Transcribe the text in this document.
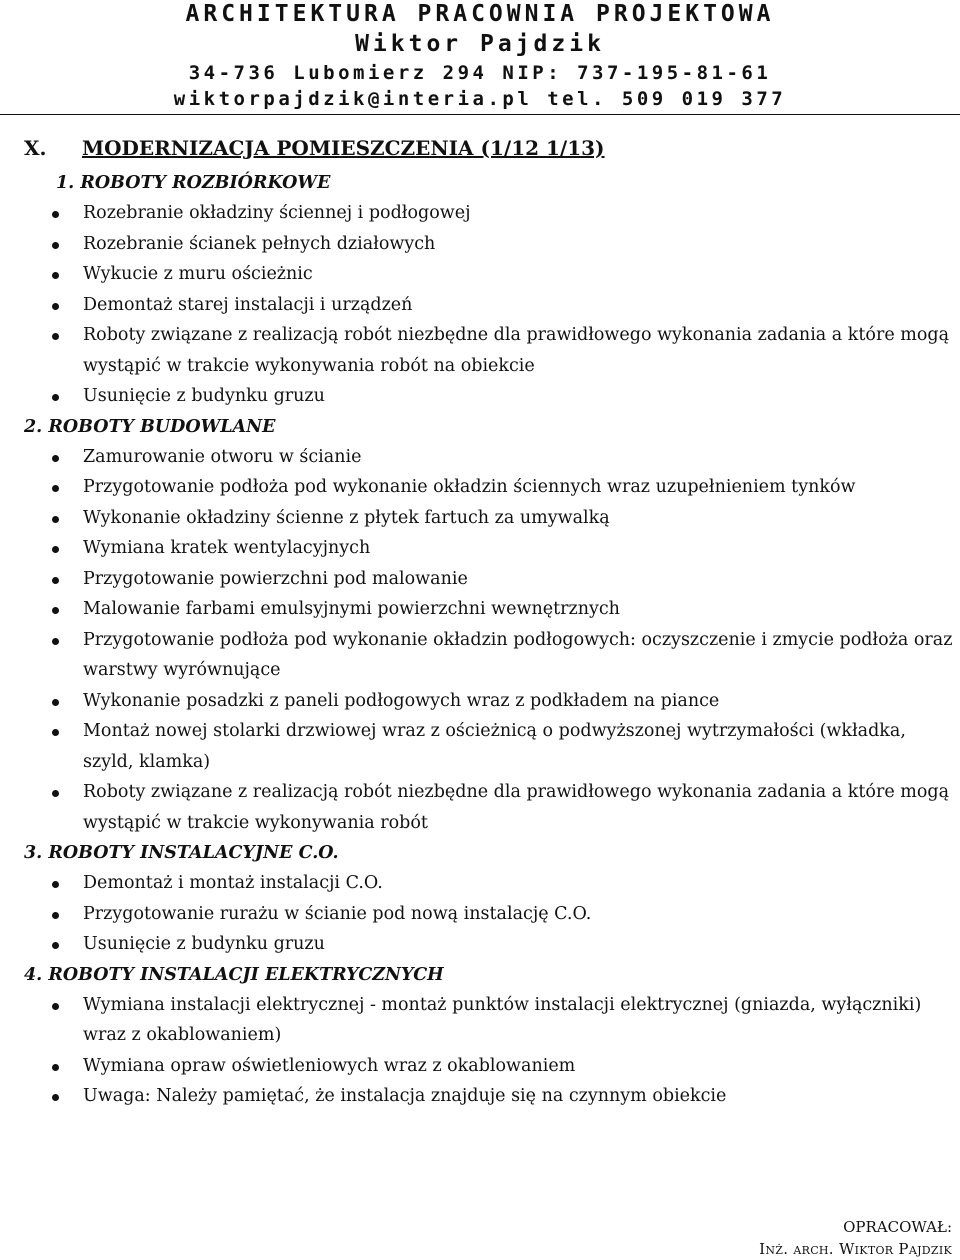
ARCHITEKTURA PRACOWNIA PROJEKTOWA
Wiktor Pajdzik
34-736 Lubomierz 294 NIP: 737-195-81-61
wiktorpajdzik@interia.pl tel. 509 019 377
X. MODERNIZACJA POMIESZCZENIA (1/12 1/13)
1. ROBOTY ROZBIÓRKOWE
Rozebranie okładziny ściennej i podłogowej
Rozebranie ścianek pełnych działowych
Wykucie z muru ościeżnic
Demontaż starej instalacji i urządzeń
Roboty związane z realizacją robót niezbędne dla prawidłowego wykonania zadania a które mogą wystąpić w trakcie wykonywania robót na obiekcie
Usunięcie z budynku gruzu
2. ROBOTY BUDOWLANE
Zamurowanie otworu w ścianie
Przygotowanie podłoża pod wykonanie okładzin ściennych wraz uzupełnieniem tynków
Wykonanie okładziny ścienne z płytek fartuch za umywalką
Wymiana kratek wentylacyjnych
Przygotowanie powierzchni pod malowanie
Malowanie farbami emulsyjnymi powierzchni wewnętrznych
Przygotowanie podłoża pod wykonanie okładzin podłogowych: oczyszczenie i zmycie podłoża oraz warstwy wyrównujące
Wykonanie posadzki z paneli podłogowych wraz z podkładem na piance
Montaż nowej stolarki drzwiowej wraz z ościeżnicą o podwyższonej wytrzymałości (wkładka, szyld, klamka)
Roboty związane z realizacją robót niezbędne dla prawidłowego wykonania zadania a które mogą wystąpić w trakcie wykonywania robót
3. ROBOTY INSTALACYJNE C.O.
Demontaż i montaż instalacji C.O.
Przygotowanie rurażu w ścianie pod nową instalację C.O.
Usunięcie z budynku gruzu
4. ROBOTY INSTALACJI ELEKTRYCZNYCH
Wymiana instalacji elektrycznej - montaż punktów instalacji elektrycznej (gniazda, wyłączniki) wraz z okablowaniem)
Wymiana opraw oświetleniowych wraz z okablowaniem
Uwaga: Należy pamiętać, że instalacja znajduje się na czynnym obiekcie
OPRACOWAŁ:
Inż. arch. Wiktor Pajdzik
